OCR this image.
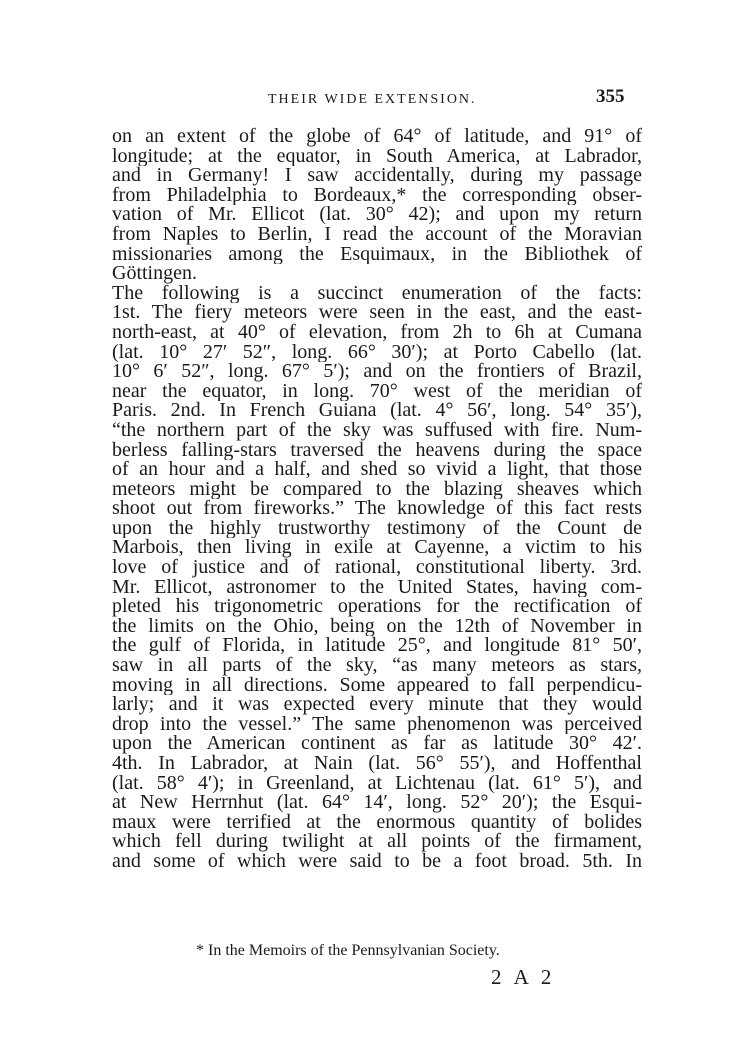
THEIR WIDE EXTENSION.	355
on an extent of the globe of 64° of latitude, and 91° of
longitude; at the equator, in South America, at Labrador,
and in Germany! I saw accidentally, during my passage
from Philadelphia to Bordeaux,* the corresponding obser-
vation of Mr. Ellicot (lat. 30° 42); and upon my return
from Naples to Berlin, I read the account of the Moravian
missionaries among the Esquimaux, in the Bibliothek of
Göttingen.
The following is a succinct enumeration of the facts:
1st. The fiery meteors were seen in the east, and the east-
north-east, at 40° of elevation, from 2h to 6h at Cumana
(lat. 10° 27′ 52″, long. 66° 30′); at Porto Cabello (lat.
10° 6′ 52″, long. 67° 5′); and on the frontiers of Brazil,
near the equator, in long. 70° west of the meridian of
Paris. 2nd. In French Guiana (lat. 4° 56′, long. 54° 35′),
“the northern part of the sky was suffused with fire. Num-
berless falling-stars traversed the heavens during the space
of an hour and a half, and shed so vivid a light, that those
meteors might be compared to the blazing sheaves which
shoot out from fireworks.” The knowledge of this fact rests
upon the highly trustworthy testimony of the Count de
Marbois, then living in exile at Cayenne, a victim to his
love of justice and of rational, constitutional liberty. 3rd.
Mr. Ellicot, astronomer to the United States, having com-
pleted his trigonometric operations for the rectification of
the limits on the Ohio, being on the 12th of November in
the gulf of Florida, in latitude 25°, and longitude 81° 50′,
saw in all parts of the sky, “as many meteors as stars,
moving in all directions. Some appeared to fall perpendicu-
larly; and it was expected every minute that they would
drop into the vessel.” The same phenomenon was perceived
upon the American continent as far as latitude 30° 42′.
4th. In Labrador, at Nain (lat. 56° 55′), and Hoffenthal
(lat. 58° 4′); in Greenland, at Lichtenau (lat. 61° 5′), and
at New Herrnhut (lat. 64° 14′, long. 52° 20′); the Esqui-
maux were terrified at the enormous quantity of bolides
which fell during twilight at all points of the firmament,
and some of which were said to be a foot broad. 5th. In
* In the Memoirs of the Pennsylvanian Society.
2 A 2
